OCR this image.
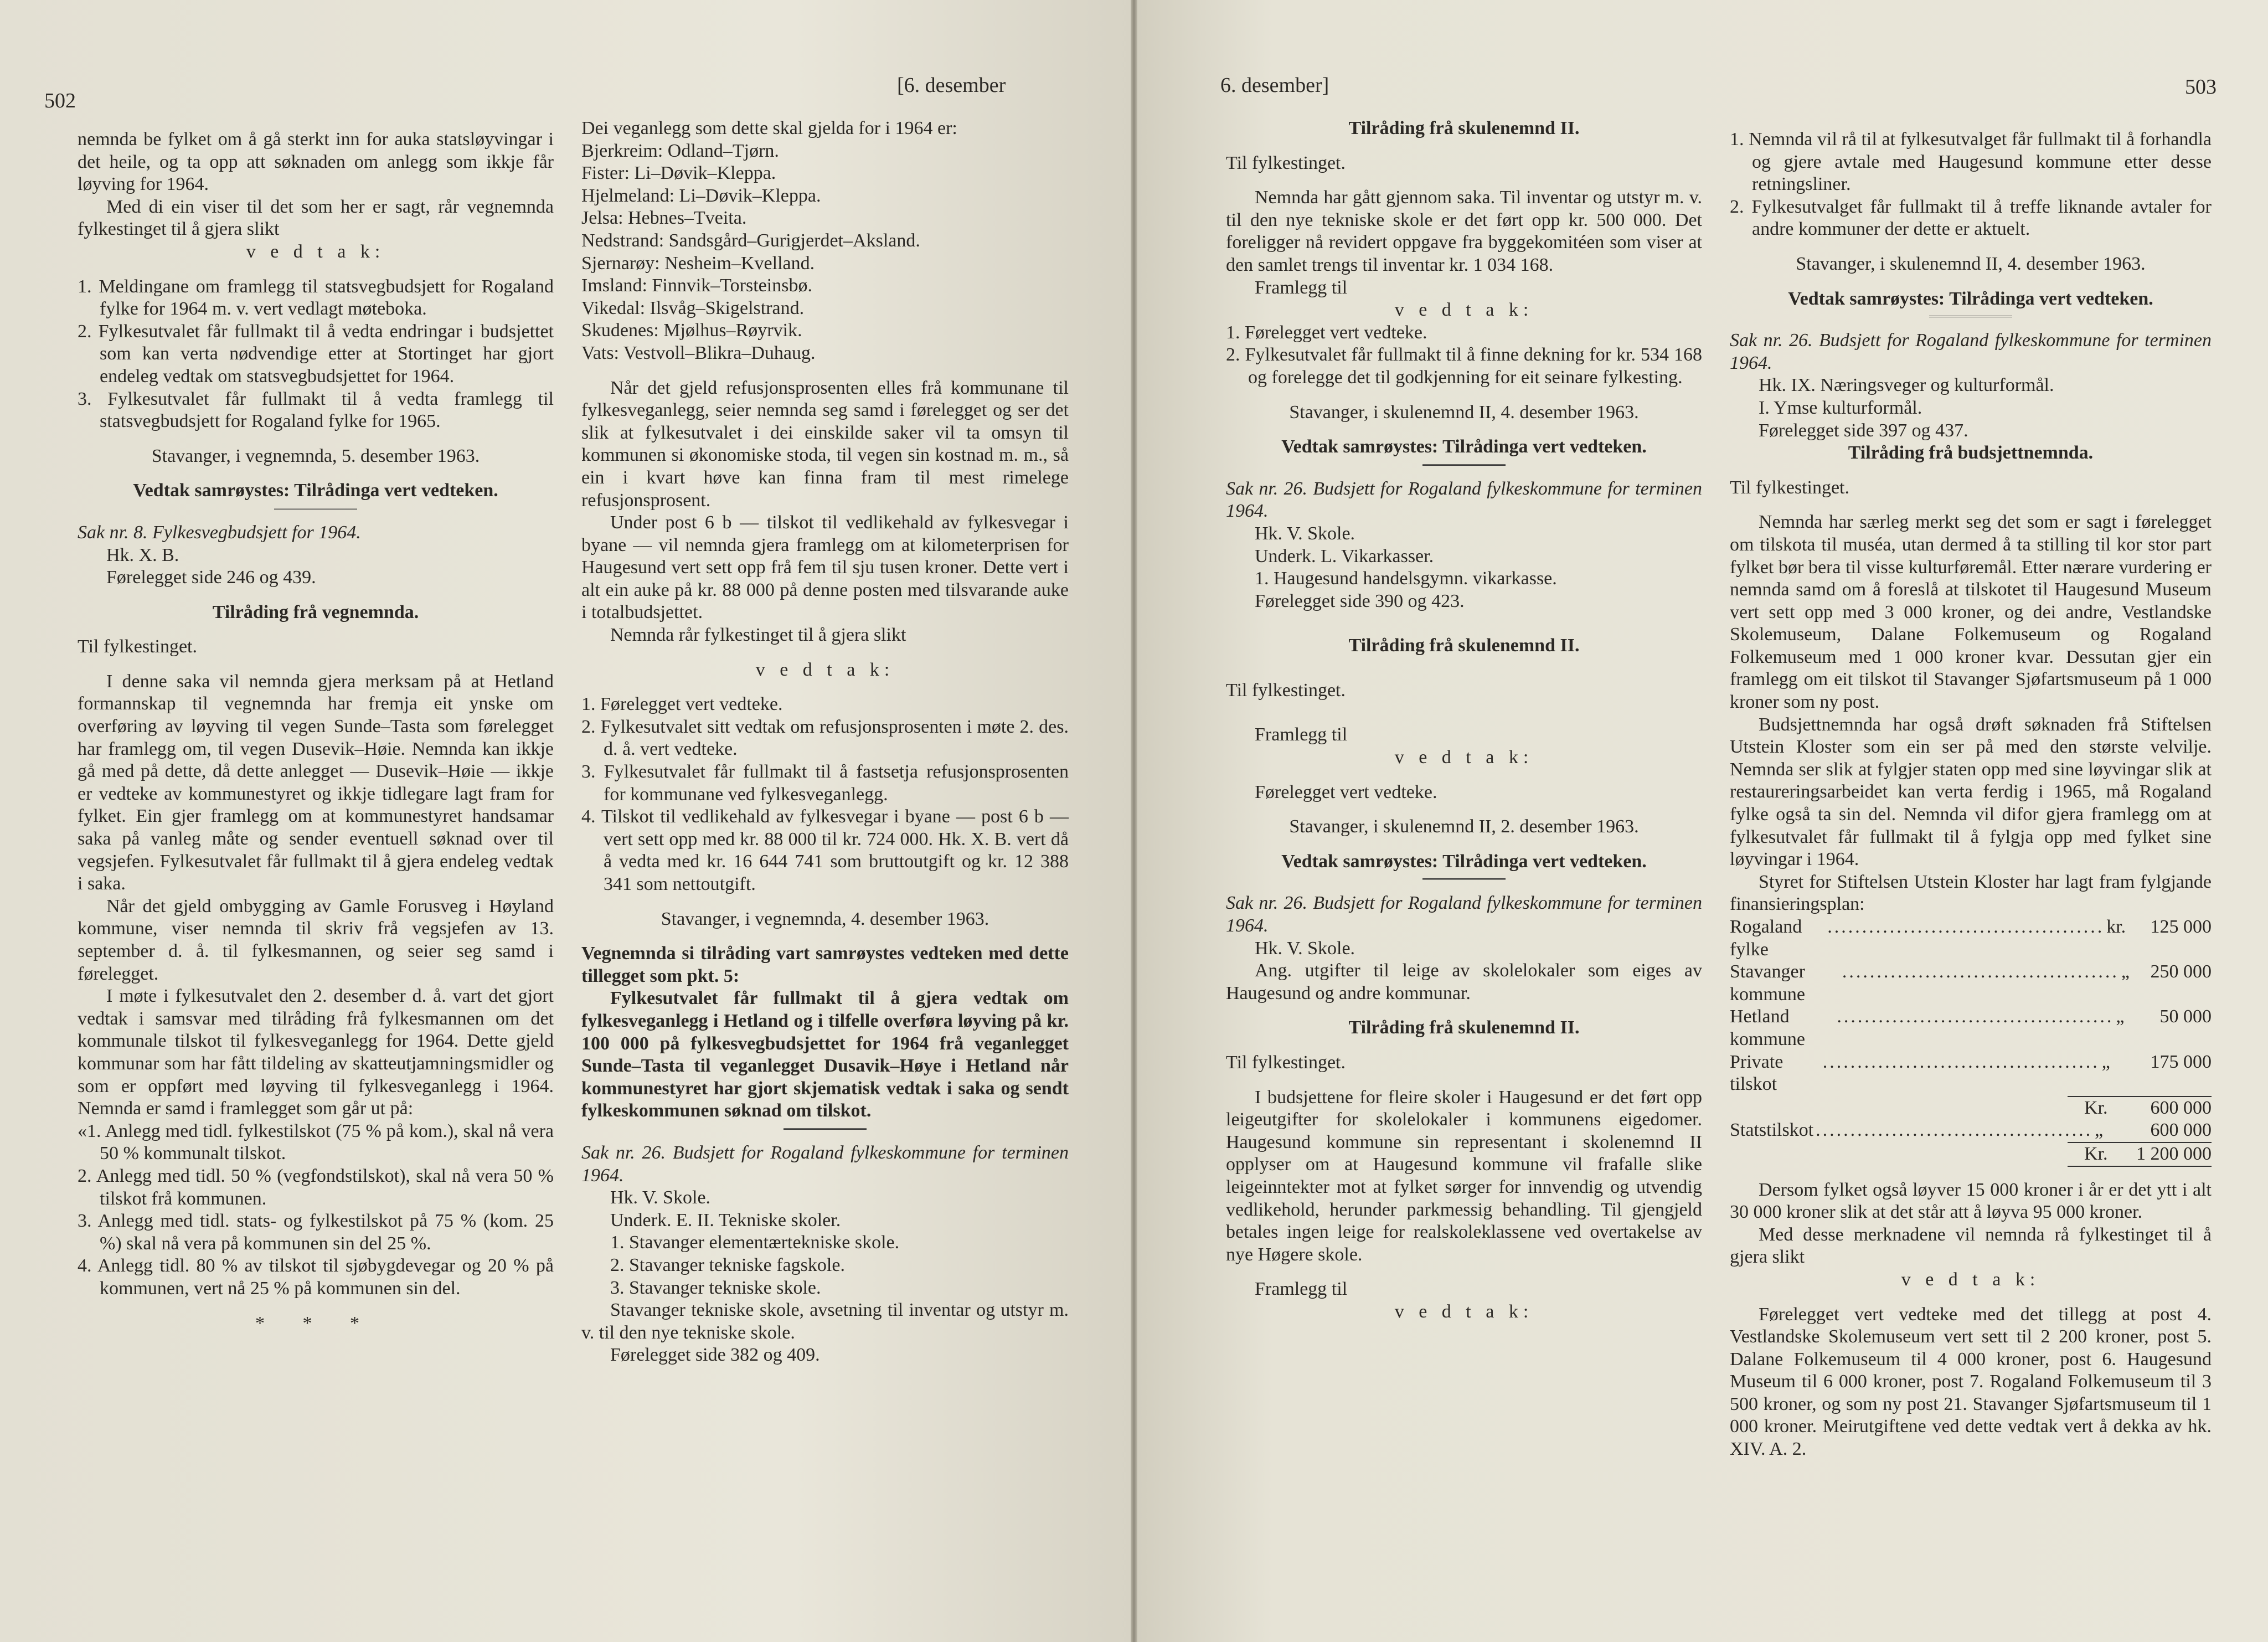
502
[6. desember

nemnda be fylket om å gå sterkt inn for auka statsløyvingar i det heile, og ta opp att søknaden om anlegg som ikkje får løyving for 1964.

Med di ein viser til det som her er sagt, rår vegnemnda fylkestinget til å gjera slikt

v e d t a k:

1. Meldingane om framlegg til statsvegbudsjett for Rogaland fylke for 1964 m. v. vert vedlagt møteboka.

2. Fylkesutvalet får fullmakt til å vedta endringar i budsjettet som kan verta nødvendige etter at Stortinget har gjort endeleg vedtak om statsvegbudsjettet for 1964.

3. Fylkesutvalet får fullmakt til å vedta framlegg til statsvegbudsjett for Rogaland fylke for 1965.

Stavanger, i vegnemnda, 5. desember 1963.

Vedtak samrøystes: Tilrådinga vert vedteken.

Sak nr. 8. Fylkesvegbudsjett for 1964.

Hk. X. B.

Førelegget side 246 og 439.

Tilråding frå vegnemnda.

Til fylkestinget.

I denne saka vil nemnda gjera merksam på at Hetland formannskap til vegnemnda har fremja eit ynske om overføring av løyving til vegen Sunde–Tasta som førelegget har framlegg om, til vegen Dusevik–Høie. Nemnda kan ikkje gå med på dette, då dette anlegget — Dusevik–Høie — ikkje er vedteke av kommunestyret og ikkje tidlegare lagt fram for fylket. Ein gjer framlegg om at kommunestyret handsamar saka på vanleg måte og sender eventuell søknad over til vegsjefen. Fylkesutvalet får fullmakt til å gjera endeleg vedtak i saka.

Når det gjeld ombygging av Gamle Forusveg i Høyland kommune, viser nemnda til skriv frå vegsjefen av 13. september d. å. til fylkesmannen, og seier seg samd i førelegget.

I møte i fylkesutvalet den 2. desember d. å. vart det gjort vedtak i samsvar med tilråding frå fylkesmannen om det kommunale tilskot til fylkesveganlegg for 1964. Dette gjeld kommunar som har fått tildeling av skatteutjamningsmidler og som er oppført med løyving til fylkesveganlegg i 1964. Nemnda er samd i framlegget som går ut på:

«1. Anlegg med tidl. fylkestilskot (75 % på kom.), skal nå vera 50 % kommunalt tilskot.

2. Anlegg med tidl. 50 % (vegfondstilskot), skal nå vera 50 % tilskot frå kommunen.

3. Anlegg med tidl. stats- og fylkestilskot på 75 % (kom. 25 %) skal nå vera på kommunen sin del 25 %.

4. Anlegg tidl. 80 % av tilskot til sjøbygdevegar og 20 % på kommunen, vert nå 25 % på kommunen sin del.

* * *

Dei veganlegg som dette skal gjelda for i 1964 er:

Bjerkreim: Odland–Tjørn.

Fister: Li–Døvik–Kleppa.

Hjelmeland: Li–Døvik–Kleppa.

Jelsa: Hebnes–Tveita.

Nedstrand: Sandsgård–Gurigjerdet–Aksland.

Sjernarøy: Nesheim–Kvelland.

Imsland: Finnvik–Torsteinsbø.

Vikedal: Ilsvåg–Skigelstrand.

Skudenes: Mjølhus–Røyrvik.

Vats: Vestvoll–Blikra–Duhaug.

Når det gjeld refusjonsprosenten elles frå kommunane til fylkesveganlegg, seier nemnda seg samd i førelegget og ser det slik at fylkesutvalet i dei einskilde saker vil ta omsyn til kommunen si økonomiske stoda, til vegen sin kostnad m. m., så ein i kvart høve kan finna fram til mest rimelege refusjonsprosent.

Under post 6 b — tilskot til vedlikehald av fylkesvegar i byane — vil nemnda gjera framlegg om at kilometerprisen for Haugesund vert sett opp frå fem til sju tusen kroner. Dette vert i alt ein auke på kr. 88 000 på denne posten med tilsvarande auke i totalbudsjettet.

Nemnda rår fylkestinget til å gjera slikt

v e d t a k:

1. Førelegget vert vedteke.

2. Fylkesutvalet sitt vedtak om refusjonsprosenten i møte 2. des. d. å. vert vedteke.

3. Fylkesutvalet får fullmakt til å fastsetja refusjonsprosenten for kommunane ved fylkesveganlegg.

4. Tilskot til vedlikehald av fylkesvegar i byane — post 6 b — vert sett opp med kr. 88 000 til kr. 724 000. Hk. X. B. vert då å vedta med kr. 16 644 741 som bruttoutgift og kr. 12 388 341 som nettoutgift.

Stavanger, i vegnemnda, 4. desember 1963.

Vegnemnda si tilråding vart samrøystes vedteken med dette tillegget som pkt. 5:

Fylkesutvalet får fullmakt til å gjera vedtak om fylkesveganlegg i Hetland og i tilfelle overføra løyving på kr. 100 000 på fylkesvegbudsjettet for 1964 frå veganlegget Sunde–Tasta til veganlegget Dusavik–Høye i Hetland når kommunestyret har gjort skjematisk vedtak i saka og sendt fylkeskommunen søknad om tilskot.

Sak nr. 26. Budsjett for Rogaland fylkeskommune for terminen 1964.

Hk. V. Skole.

Underk. E. II. Tekniske skoler.

1. Stavanger elementærtekniske skole.

2. Stavanger tekniske fagskole.

3. Stavanger tekniske skole.

Stavanger tekniske skole, avsetning til inventar og utstyr m. v. til den nye tekniske skole.

Førelegget side 382 og 409.

6. desember]	503

Tilråding frå skulenemnd II.

Til fylkestinget.

Nemnda har gått gjennom saka. Til inventar og utstyr m. v. til den nye tekniske skole er det ført opp kr. 500 000. Det foreligger nå revidert oppgave fra byggekomitéen som viser at den samlet trengs til inventar kr. 1 034 168.

Framlegg til

v e d t a k:

1. Førelegget vert vedteke.

2. Fylkesutvalet får fullmakt til å finne dekning for kr. 534 168 og forelegge det til godkjenning for eit seinare fylkesting.

Stavanger, i skulenemnd II, 4. desember 1963.

Vedtak samrøystes: Tilrådinga vert vedteken.

Sak nr. 26. Budsjett for Rogaland fylkeskommune for terminen 1964.

Hk. V. Skole.

Underk. L. Vikarkasser.

1. Haugesund handelsgymn. vikarkasse.

Førelegget side 390 og 423.

Tilråding frå skulenemnd II.

Til fylkestinget.

Framlegg til

v e d t a k:

Førelegget vert vedteke.

Stavanger, i skulenemnd II, 2. desember 1963.

Vedtak samrøystes: Tilrådinga vert vedteken.

Sak nr. 26. Budsjett for Rogaland fylkeskommune for terminen 1964.

Hk. V. Skole.

Ang. utgifter til leige av skolelokaler som eiges av Haugesund og andre kommunar.

Tilråding frå skulenemnd II.

Til fylkestinget.

I budsjettene for fleire skoler i Haugesund er det ført opp leigeutgifter for skolelokaler i kommunens eigedomer. Haugesund kommune sin representant i skolenemnd II opplyser om at Haugesund kommune vil frafalle slike leigeinntekter mot at fylket sørger for innvendig og utvendig vedlikehold, herunder parkmessig behandling. Til gjengjeld betales ingen leige for realskoleklassene ved overtakelse av nye Høgere skole.

Framlegg til

v e d t a k:

1. Nemnda vil rå til at fylkesutvalget får fullmakt til å forhandla og gjere avtale med Haugesund kommune etter desse retningsliner.

2. Fylkesutvalget får fullmakt til å treffe liknande avtaler for andre kommuner der dette er aktuelt.

Stavanger, i skulenemnd II, 4. desember 1963.

Vedtak samrøystes: Tilrådinga vert vedteken.

Sak nr. 26. Budsjett for Rogaland fylkeskommune for terminen 1964.

Hk. IX. Næringsveger og kulturformål.

I. Ymse kulturformål.

Førelegget side 397 og 437.

Tilråding frå budsjettnemnda.

Til fylkestinget.

Nemnda har særleg merkt seg det som er sagt i førelegget om tilskota til muséa, utan dermed å ta stilling til kor stor part fylket bør bera til visse kulturføremål. Etter nærare vurdering er nemnda samd om å foreslå at tilskotet til Haugesund Museum vert sett opp med 3 000 kroner, og dei andre, Vestlandske Skolemuseum, Dalane Folkemuseum og Rogaland Folkemuseum med 1 000 kroner kvar. Dessutan gjer ein framlegg om eit tilskot til Stavanger Sjøfartsmuseum på 1 000 kroner som ny post.

Budsjettnemnda har også drøft søknaden frå Stiftelsen Utstein Kloster som ein ser på med den største velvilje. Nemnda ser slik at fylgjer staten opp med sine løyvingar slik at restaureringsarbeidet kan verta ferdig i 1965, må Rogaland fylke også ta sin del. Nemnda vil difor gjera framlegg om at fylkesutvalet får fullmakt til å fylgja opp med fylket sine løyvingar i 1964.

Styret for Stiftelsen Utstein Kloster har lagt fram fylgjande finansieringsplan:

Rogaland fylke
........................................ kr.	125 000
Stavanger kommune
........................................ „	250 000
Hetland kommune
........................................ „	50 000
Private tilskot
........................................ „	175 000
Kr.	600 000
Statstilskot ........................................ „	600 000
Kr.	1 200 000

Dersom fylket også løyver 15 000 kroner i år er det ytt i alt 30 000 kroner slik at det står att å løyva 95 000 kroner.

Med desse merknadene vil nemnda rå fylkestinget til å gjera slikt

v e d t a k:

Førelegget vert vedteke med det tillegg at post 4. Vestlandske Skolemuseum vert sett til 2 200 kroner, post 5. Dalane Folkemuseum til 4 000 kroner, post 6. Haugesund Museum til 6 000 kroner, post 7. Rogaland Folkemuseum til 3 500 kroner, og som ny post 21. Stavanger Sjøfartsmuseum til 1 000 kroner. Meirutgiftene ved dette vedtak vert å dekka av hk. XIV. A. 2.
